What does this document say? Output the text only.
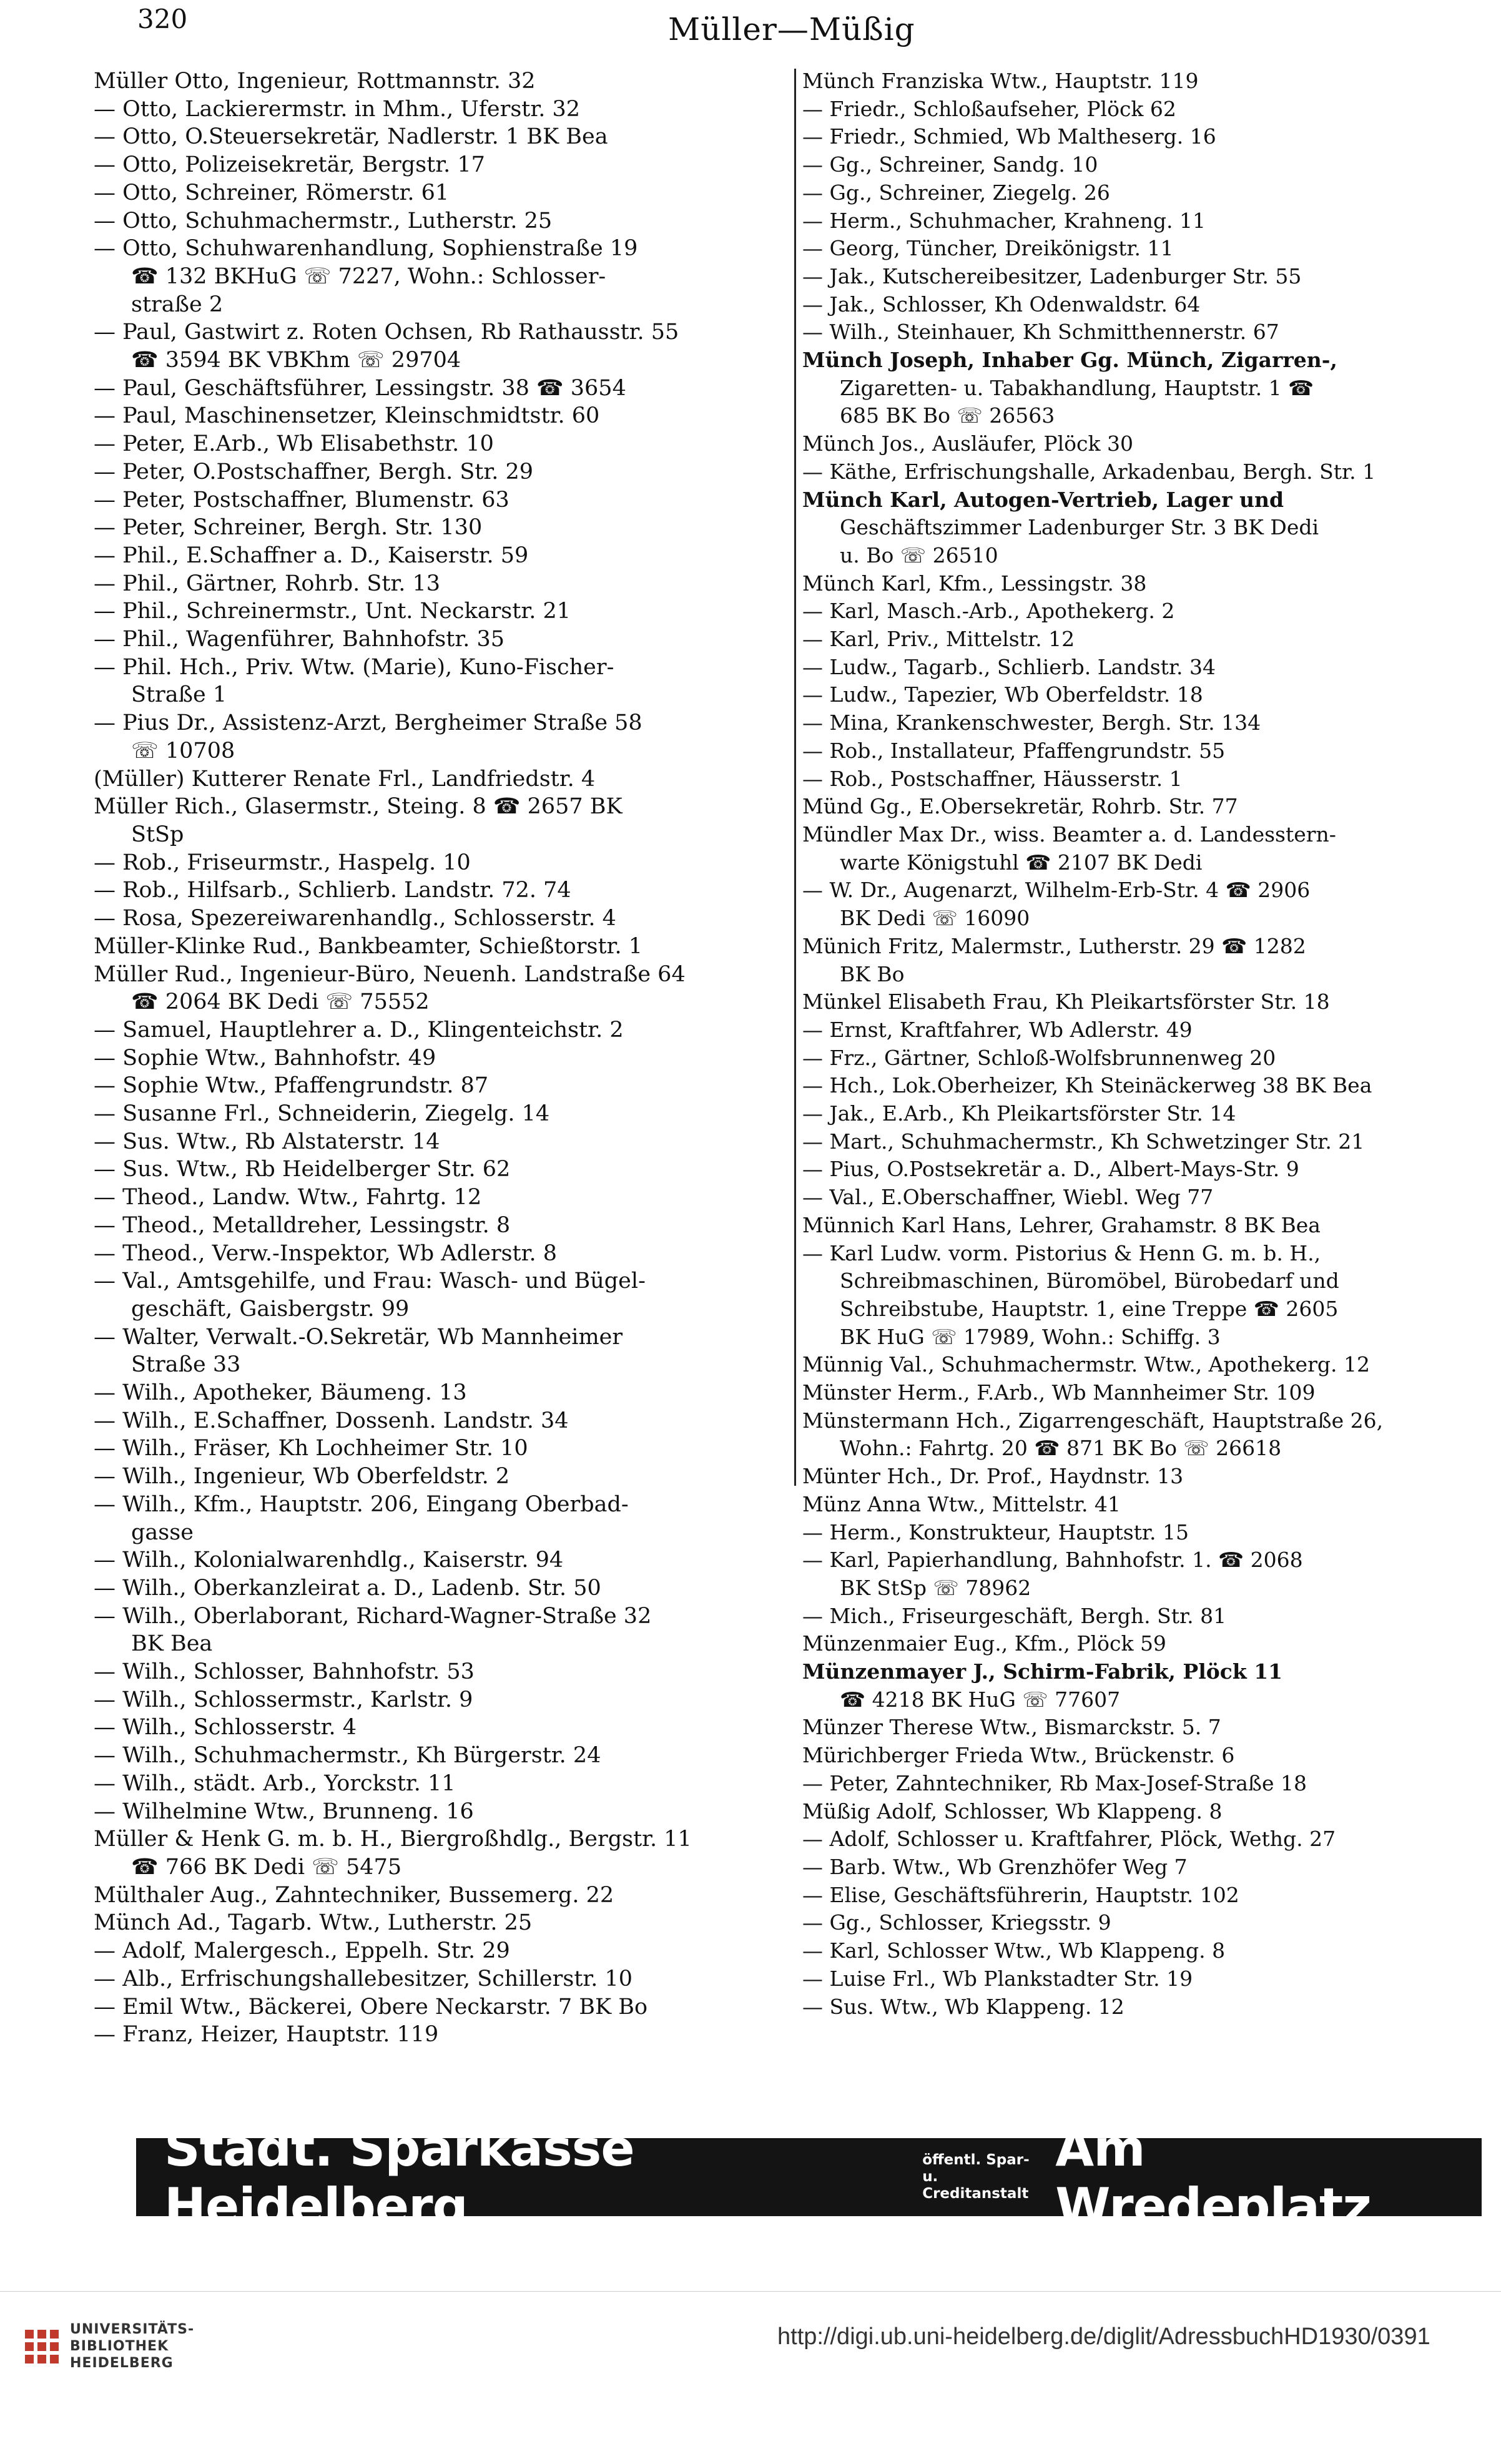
320	Müller—Müßig
Müller Otto, Ingenieur, Rottmannstr. 32
— Otto, Lackierermstr. in Mhm., Uferstr. 32
— Otto, O.Steuersekretär, Nadlerstr. 1 BK Bea
— Otto, Polizeisekretär, Bergstr. 17
— Otto, Schreiner, Römerstr. 61
— Otto, Schuhmachermstr., Lutherstr. 25
— Otto, Schuhwarenhandlung, Sophienstraße 19
☎ 132 BKHuG ☏ 7227, Wohn.: Schlosser-
straße 2
— Paul, Gastwirt z. Roten Ochsen, Rb Rathausstr. 55
☎ 3594 BK VBKhm ☏ 29704
— Paul, Geschäftsführer, Lessingstr. 38 ☎ 3654
— Paul, Maschinensetzer, Kleinschmidtstr. 60
— Peter, E.Arb., Wb Elisabethstr. 10
— Peter, O.Postschaffner, Bergh. Str. 29
— Peter, Postschaffner, Blumenstr. 63
— Peter, Schreiner, Bergh. Str. 130
— Phil., E.Schaffner a. D., Kaiserstr. 59
— Phil., Gärtner, Rohrb. Str. 13
— Phil., Schreinermstr., Unt. Neckarstr. 21
— Phil., Wagenführer, Bahnhofstr. 35
— Phil. Hch., Priv. Wtw. (Marie), Kuno-Fischer-
Straße 1
— Pius Dr., Assistenz-Arzt, Bergheimer Straße 58
☏ 10708
(Müller) Kutterer Renate Frl., Landfriedstr. 4
Müller Rich., Glasermstr., Steing. 8 ☎ 2657 BK
StSp
— Rob., Friseurmstr., Haspelg. 10
— Rob., Hilfsarb., Schlierb. Landstr. 72. 74
— Rosa, Spezereiwarenhandlg., Schlosserstr. 4
Müller-Klinke Rud., Bankbeamter, Schießtorstr. 1
Müller Rud., Ingenieur-Büro, Neuenh. Landstraße 64
☎ 2064 BK Dedi ☏ 75552
— Samuel, Hauptlehrer a. D., Klingenteichstr. 2
— Sophie Wtw., Bahnhofstr. 49
— Sophie Wtw., Pfaffengrundstr. 87
— Susanne Frl., Schneiderin, Ziegelg. 14
— Sus. Wtw., Rb Alstaterstr. 14
— Sus. Wtw., Rb Heidelberger Str. 62
— Theod., Landw. Wtw., Fahrtg. 12
— Theod., Metalldreher, Lessingstr. 8
— Theod., Verw.-Inspektor, Wb Adlerstr. 8
— Val., Amtsgehilfe, und Frau: Wasch- und Bügel-
geschäft, Gaisbergstr. 99
— Walter, Verwalt.-O.Sekretär, Wb Mannheimer
Straße 33
— Wilh., Apotheker, Bäumeng. 13
— Wilh., E.Schaffner, Dossenh. Landstr. 34
— Wilh., Fräser, Kh Lochheimer Str. 10
— Wilh., Ingenieur, Wb Oberfeldstr. 2
— Wilh., Kfm., Hauptstr. 206, Eingang Oberbad-
gasse
— Wilh., Kolonialwarenhdlg., Kaiserstr. 94
— Wilh., Oberkanzleirat a. D., Ladenb. Str. 50
— Wilh., Oberlaborant, Richard-Wagner-Straße 32
BK Bea
— Wilh., Schlosser, Bahnhofstr. 53
— Wilh., Schlossermstr., Karlstr. 9
— Wilh., Schlosserstr. 4
— Wilh., Schuhmachermstr., Kh Bürgerstr. 24
— Wilh., städt. Arb., Yorckstr. 11
— Wilhelmine Wtw., Brunneng. 16
Müller & Henk G. m. b. H., Biergroßhdlg., Bergstr. 11
☎ 766 BK Dedi ☏ 5475
Mülthaler Aug., Zahntechniker, Bussemerg. 22
Münch Ad., Tagarb. Wtw., Lutherstr. 25
— Adolf, Malergesch., Eppelh. Str. 29
— Alb., Erfrischungshallebesitzer, Schillerstr. 10
— Emil Wtw., Bäckerei, Obere Neckarstr. 7 BK Bo
— Franz, Heizer, Hauptstr. 119
Münch Franziska Wtw., Hauptstr. 119
— Friedr., Schloßaufseher, Plöck 62
— Friedr., Schmied, Wb Maltheserg. 16
— Gg., Schreiner, Sandg. 10
— Gg., Schreiner, Ziegelg. 26
— Herm., Schuhmacher, Krahneng. 11
— Georg, Tüncher, Dreikönigstr. 11
— Jak., Kutschereibesitzer, Ladenburger Str. 55
— Jak., Schlosser, Kh Odenwaldstr. 64
— Wilh., Steinhauer, Kh Schmitthennerstr. 67
Münch Joseph, Inhaber Gg. Münch, Zigarren-,
Zigaretten- u. Tabakhandlung, Hauptstr. 1 ☎
685 BK Bo ☏ 26563
Münch Jos., Ausläufer, Plöck 30
— Käthe, Erfrischungshalle, Arkadenbau, Bergh. Str. 1
Münch Karl, Autogen-Vertrieb, Lager und
Geschäftszimmer Ladenburger Str. 3 BK Dedi
u. Bo ☏ 26510
Münch Karl, Kfm., Lessingstr. 38
— Karl, Masch.-Arb., Apothekerg. 2
— Karl, Priv., Mittelstr. 12
— Ludw., Tagarb., Schlierb. Landstr. 34
— Ludw., Tapezier, Wb Oberfeldstr. 18
— Mina, Krankenschwester, Bergh. Str. 134
— Rob., Installateur, Pfaffengrundstr. 55
— Rob., Postschaffner, Häusserstr. 1
Münd Gg., E.Obersekretär, Rohrb. Str. 77
Mündler Max Dr., wiss. Beamter a. d. Landesstern-
warte Königstuhl ☎ 2107 BK Dedi
— W. Dr., Augenarzt, Wilhelm-Erb-Str. 4 ☎ 2906
BK Dedi ☏ 16090
Münich Fritz, Malermstr., Lutherstr. 29 ☎ 1282
BK Bo
Münkel Elisabeth Frau, Kh Pleikartsförster Str. 18
— Ernst, Kraftfahrer, Wb Adlerstr. 49
— Frz., Gärtner, Schloß-Wolfsbrunnenweg 20
— Hch., Lok.Oberheizer, Kh Steinäckerweg 38 BK Bea
— Jak., E.Arb., Kh Pleikartsförster Str. 14
— Mart., Schuhmachermstr., Kh Schwetzinger Str. 21
— Pius, O.Postsekretär a. D., Albert-Mays-Str. 9
— Val., E.Oberschaffner, Wiebl. Weg 77
Münnich Karl Hans, Lehrer, Grahamstr. 8 BK Bea
— Karl Ludw. vorm. Pistorius & Henn G. m. b. H.,
Schreibmaschinen, Büromöbel, Bürobedarf und
Schreibstube, Hauptstr. 1, eine Treppe ☎ 2605
BK HuG ☏ 17989, Wohn.: Schiffg. 3
Münnig Val., Schuhmachermstr. Wtw., Apothekerg. 12
Münster Herm., F.Arb., Wb Mannheimer Str. 109
Münstermann Hch., Zigarrengeschäft, Hauptstraße 26,
Wohn.: Fahrtg. 20 ☎ 871 BK Bo ☏ 26618
Münter Hch., Dr. Prof., Haydnstr. 13
Münz Anna Wtw., Mittelstr. 41
— Herm., Konstrukteur, Hauptstr. 15
— Karl, Papierhandlung, Bahnhofstr. 1. ☎ 2068
BK StSp ☏ 78962
— Mich., Friseurgeschäft, Bergh. Str. 81
Münzenmaier Eug., Kfm., Plöck 59
Münzenmayer J., Schirm-Fabrik, Plöck 11
☎ 4218 BK HuG ☏ 77607
Münzer Therese Wtw., Bismarckstr. 5. 7
Mürichberger Frieda Wtw., Brückenstr. 6
— Peter, Zahntechniker, Rb Max-Josef-Straße 18
Müßig Adolf, Schlosser, Wb Klappeng. 8
— Adolf, Schlosser u. Kraftfahrer, Plöck, Wethg. 27
— Barb. Wtw., Wb Grenzhöfer Weg 7
— Elise, Geschäftsführerin, Hauptstr. 102
— Gg., Schlosser, Kriegsstr. 9
— Karl, Schlosser Wtw., Wb Klappeng. 8
— Luise Frl., Wb Plankstadter Str. 19
— Sus. Wtw., Wb Klappeng. 12
Städt. Sparkasse Heidelberg
öffentl. Spar- u.
Creditanstalt
Am Wredeplatz
UNIVERSITÄTS-
BIBLIOTHEK
HEIDELBERG
http://digi.ub.uni-heidelberg.de/diglit/AdressbuchHD1930/0391
